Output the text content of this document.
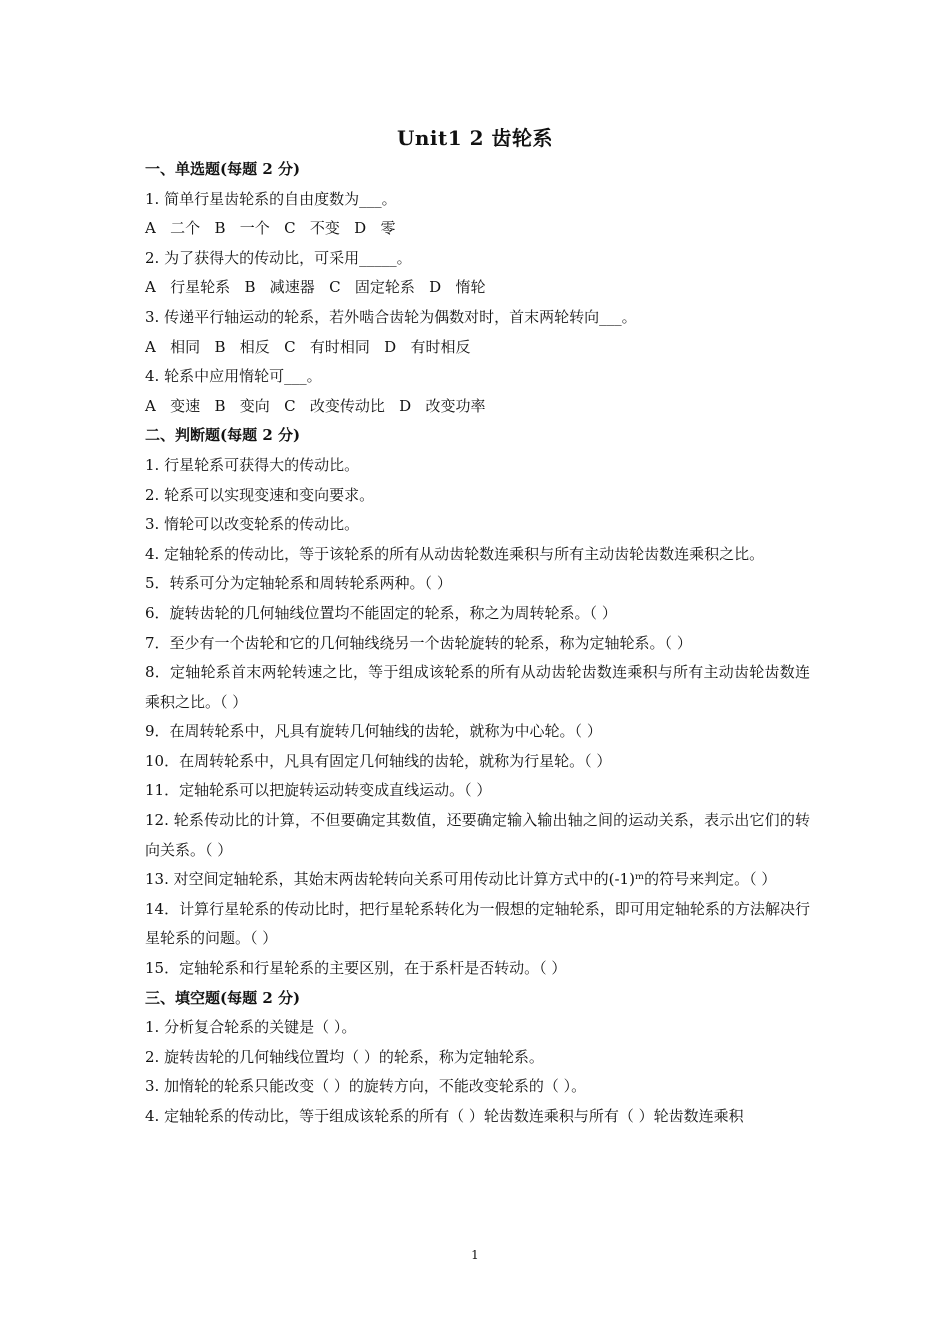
Unit1 2 齿轮系
一、单选题(每题 2 分)
1. 简单行星齿轮系的自由度数为___。
A   二个   B   一个   C   不变   D   零
2. 为了获得大的传动比，可采用_____。
A   行星轮系   B   减速器   C   固定轮系   D   惰轮
3. 传递平行轴运动的轮系，若外啮合齿轮为偶数对时，首末两轮转向___。
A   相同   B   相反   C   有时相同   D   有时相反
4. 轮系中应用惰轮可___。
A   变速   B   变向   C   改变传动比   D   改变功率
二、判断题(每题 2 分)
1. 行星轮系可获得大的传动比。
2. 轮系可以实现变速和变向要求。
3. 惰轮可以改变轮系的传动比。
4. 定轴轮系的传动比，等于该轮系的所有从动齿轮数连乘积与所有主动齿轮齿数连乘积之比。
5．转系可分为定轴轮系和周转轮系两种。（ ）
6．旋转齿轮的几何轴线位置均不能固定的轮系，称之为周转轮系。（ ）
7．至少有一个齿轮和它的几何轴线绕另一个齿轮旋转的轮系，称为定轴轮系。（ ）
8．定轴轮系首末两轮转速之比，等于组成该轮系的所有从动齿轮齿数连乘积与所有主动齿轮齿数连乘积之比。（ ）
9．在周转轮系中，凡具有旋转几何轴线的齿轮，就称为中心轮。（ ）
10．在周转轮系中，凡具有固定几何轴线的齿轮，就称为行星轮。（ ）
11．定轴轮系可以把旋转运动转变成直线运动。（ ）
12. 轮系传动比的计算，不但要确定其数值，还要确定输入输出轴之间的运动关系，表示出它们的转向关系。（ ）
13. 对空间定轴轮系，其始末两齿轮转向关系可用传动比计算方式中的(-1)ᵐ的符号来判定。（ ）
14．计算行星轮系的传动比时，把行星轮系转化为一假想的定轴轮系，即可用定轴轮系的方法解决行星轮系的问题。（ ）
15．定轴轮系和行星轮系的主要区别，在于系杆是否转动。（ ）
三、填空题(每题 2 分)
1. 分析复合轮系的关键是（ ）。
2. 旋转齿轮的几何轴线位置均（ ）的轮系，称为定轴轮系。
3. 加惰轮的轮系只能改变（ ）的旋转方向，不能改变轮系的（ ）。
4. 定轴轮系的传动比，等于组成该轮系的所有（ ）轮齿数连乘积与所有（ ）轮齿数连乘积
1
